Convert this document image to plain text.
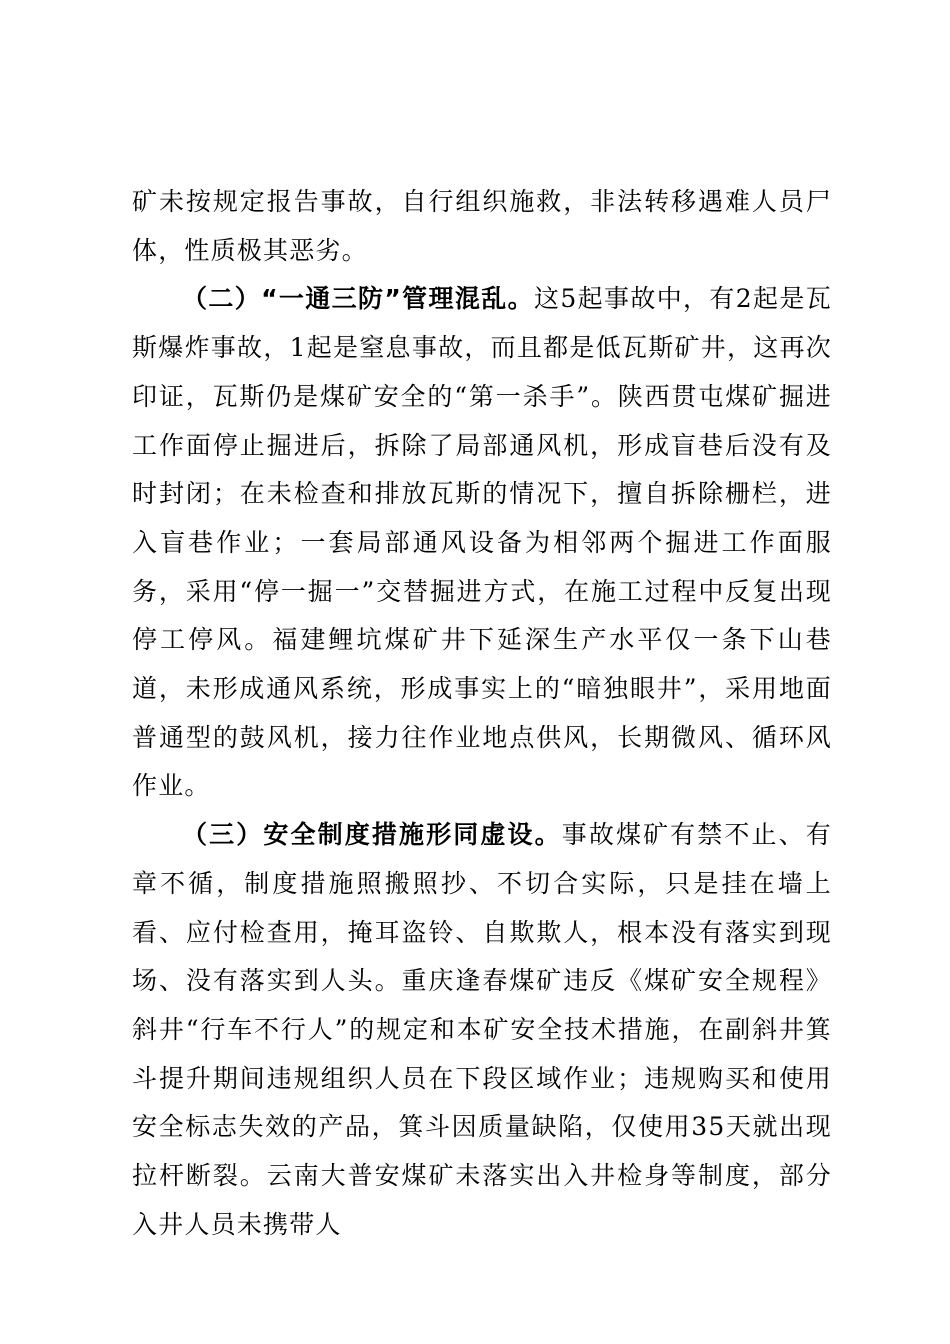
矿未按规定报告事故，自行组织施救，非法转移遇难人员尸体，性质极其恶劣。

（二）“一通三防”管理混乱。这5起事故中，有2起是瓦斯爆炸事故，1起是窒息事故，而且都是低瓦斯矿井，这再次印证，瓦斯仍是煤矿安全的“第一杀手”。陕西贯屯煤矿掘进工作面停止掘进后，拆除了局部通风机，形成盲巷后没有及时封闭；在未检查和排放瓦斯的情况下，擅自拆除栅栏，进入盲巷作业；一套局部通风设备为相邻两个掘进工作面服务，采用“停一掘一”交替掘进方式，在施工过程中反复出现停工停风。福建鲤坑煤矿井下延深生产水平仅一条下山巷道，未形成通风系统，形成事实上的“暗独眼井”，采用地面普通型的鼓风机，接力往作业地点供风，长期微风、循环风作业。

（三）安全制度措施形同虚设。事故煤矿有禁不止、有章不循，制度措施照搬照抄、不切合实际，只是挂在墙上看、应付检查用，掩耳盗铃、自欺欺人，根本没有落实到现场、没有落实到人头。重庆逢春煤矿违反《煤矿安全规程》斜井“行车不行人”的规定和本矿安全技术措施，在副斜井箕斗提升期间违规组织人员在下段区域作业；违规购买和使用安全标志失效的产品，箕斗因质量缺陷，仅使用35天就出现拉杆断裂。云南大普安煤矿未落实出入井检身等制度，部分入井人员未携带人
